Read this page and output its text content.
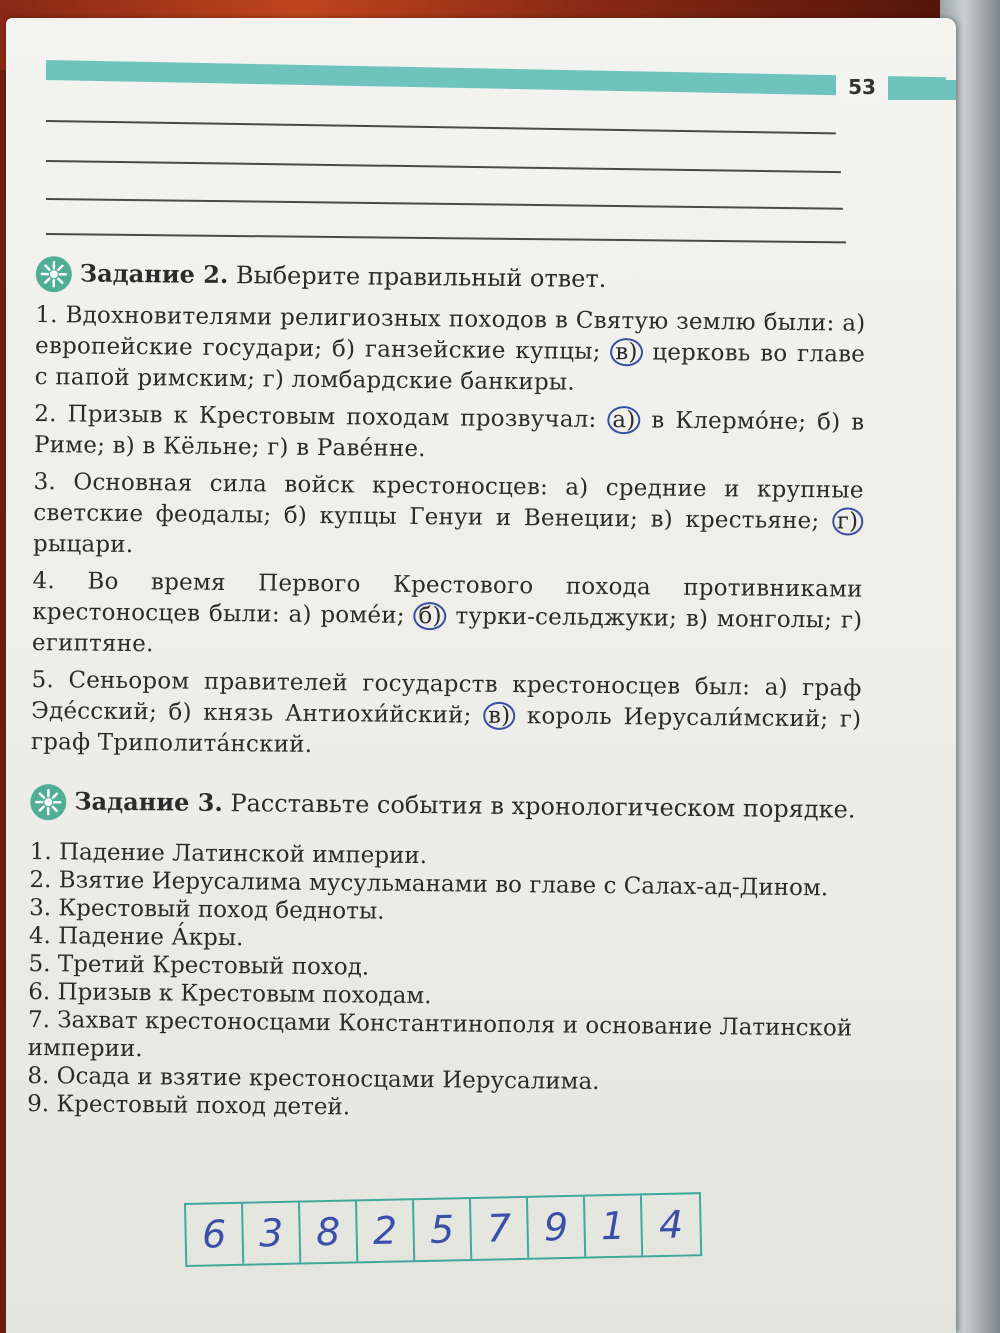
53
Задание 2. Выберите правильный ответ.
1. Вдохновителями религиозных походов в Святую землю были: а) европейские государи; б) ганзейские купцы; в) церковь во главе с папой римским; г) ломбардские банкиры.
2. Призыв к Крестовым походам прозвучал: а) в Клермо́не; б) в Риме; в) в Кёльне; г) в Раве́нне.
3. Основная сила войск крестоносцев: а) средние и крупные светские феодалы; б) купцы Генуи и Венеции; в) крестьяне; г) рыцари.
4. Во время Первого Крестового похода противниками крестоносцев были: а) роме́и; б) турки-сельджуки; в) монголы; г) египтяне.
5. Сеньором правителей государств крестоносцев был: а) граф Эде́сский; б) князь Антиохи́йский; в) король Иерусали́мский; г) граф Триполита́нский.
Задание 3. Расставьте события в хронологическом порядке.
1. Падение Латинской империи.
2. Взятие Иерусалима мусульманами во главе с Салах-ад-Дином.
3. Крестовый поход бедноты.
4. Падение А́кры.
5. Третий Крестовый поход.
6. Призыв к Крестовым походам.
7. Захват крестоносцами Константинополя и основание Латинской империи.
8. Осада и взятие крестоносцами Иерусалима.
9. Крестовый поход детей.
6 3 8 2 5 7 9 1 4
